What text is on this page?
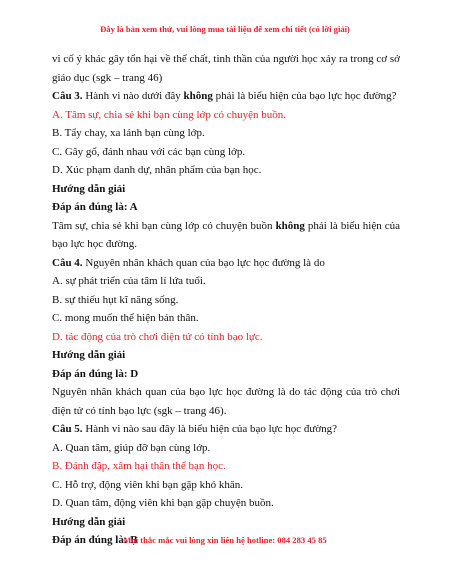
Đây là bản xem thử, vui lòng mua tài liệu để xem chi tiết (có lời giải)

vi cố ý khác gây tổn hại về thể chất, tinh thần của người học xảy ra trong cơ sở giáo dục (sgk – trang 46)

Câu 3. Hành vi nào dưới đây không phải là biểu hiện của bạo lực học đường?

A. Tâm sự, chia sẻ khi bạn cùng lớp có chuyện buồn.

B. Tẩy chay, xa lánh bạn cùng lớp.

C. Gây gổ, đánh nhau với các bạn cùng lớp.

D. Xúc phạm danh dự, nhân phẩm của bạn học.

Hướng dẫn giải

Đáp án đúng là: A

Tâm sự, chia sẻ khi bạn cùng lớp có chuyện buồn không phải là biểu hiện của bạo lực học đường.

Câu 4. Nguyên nhân khách quan của bạo lực học đường là do

A. sự phát triển của tâm lí lứa tuổi.

B. sự thiếu hụt kĩ năng sống.

C. mong muốn thể hiện bản thân.

D. tác động của trò chơi điện tử có tính bạo lực.

Hướng dẫn giải

Đáp án đúng là: D

Nguyên nhân khách quan của bạo lực học đường là do tác động của trò chơi điện tử có tính bạo lực (sgk – trang 46).

Câu 5. Hành vi nào sau đây là biểu hiện của bạo lực học đường?

A. Quan tâm, giúp đỡ bạn cùng lớp.

B. Đánh đập, xâm hại thân thể bạn học.

C. Hỗ trợ, động viên khi bạn gặp khó khăn.

D. Quan tâm, động viên khi bạn gặp chuyện buồn.

Hướng dẫn giải

Đáp án đúng là: B

Mọi thắc mắc vui lòng xin liên hệ hotline: 084 283 45 85
